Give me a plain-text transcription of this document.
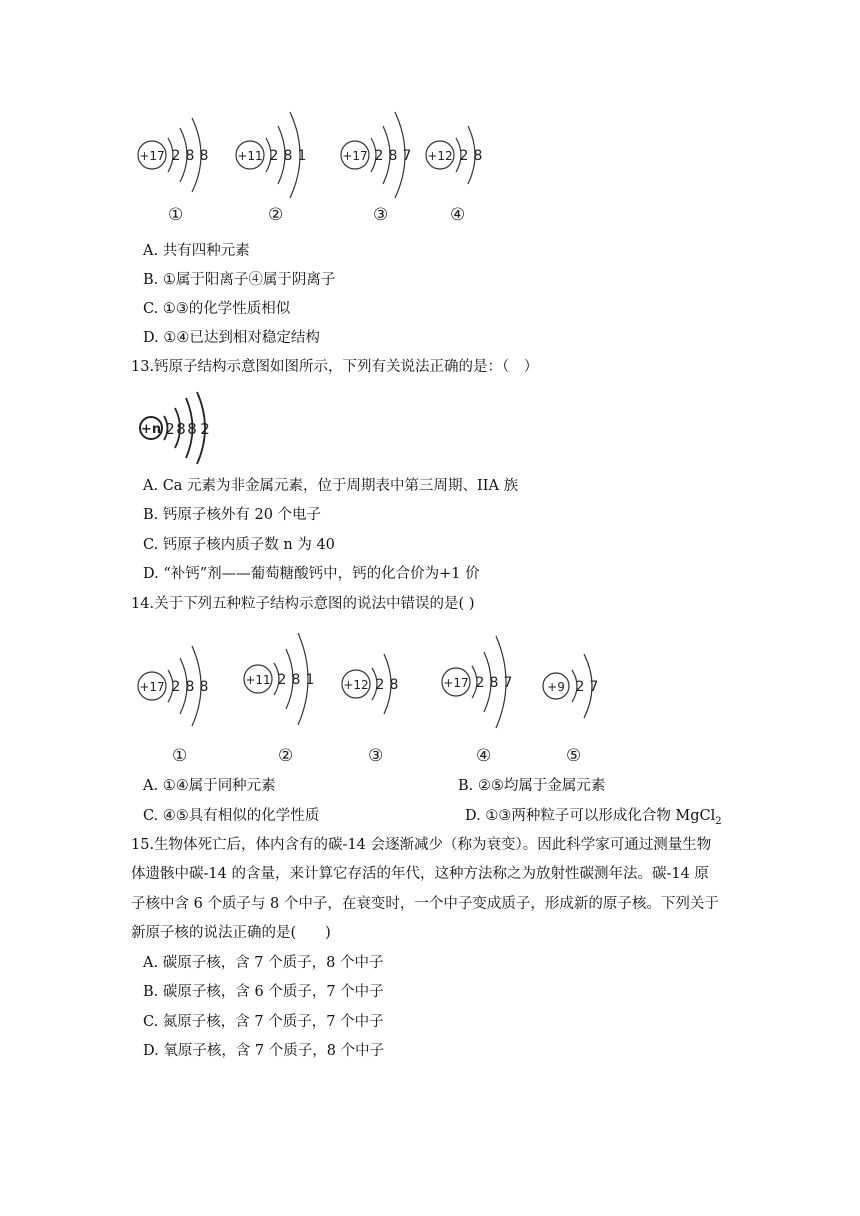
+17 2 8 8 +11 2 8 1	+17 2 8 7 +12 2 8
①	②	③	④
A. 共有四种元素
B. ①属于阳离子④属于阴离子
C. ①③的化学性质相似
D. ①④已达到相对稳定结构
13.钙原子结构示意图如图所示，下列有关说法正确的是：（　）
+n 2 8 8 2
A. Ca 元素为非金属元素，位于周期表中第三周期、IIA 族
B. 钙原子核外有 20 个电子
C. 钙原子核内质子数 n 为 40
D. “补钙”剂——葡萄糖酸钙中，钙的化合价为+1 价
14.关于下列五种粒子结构示意图的说法中错误的是( )
+17 2 8 8	+11 2 8 1 +12 2 8	+17 2 8 7	+9 2 7
①	②	③	④	⑤
A. ①④属于同种元素	B. ②⑤均属于金属元素
C. ④⑤具有相似的化学性质	D. ①③两种粒子可以形成化合物 MgCl$_2$
15.生物体死亡后，体内含有的碳-14 会逐渐减少（称为衰变）。因此科学家可通过测量生物
体遗骸中碳-14 的含量，来计算它存活的年代，这种方法称之为放射性碳测年法。碳-14 原
子核中含 6 个质子与 8 个中子，在衰变时，一个中子变成质子，形成新的原子核。下列关于
新原子核的说法正确的是(　　)
A. 碳原子核，含 7 个质子，8 个中子
B. 碳原子核，含 6 个质子，7 个中子
C. 氮原子核，含 7 个质子，7 个中子
D. 氧原子核，含 7 个质子，8 个中子
